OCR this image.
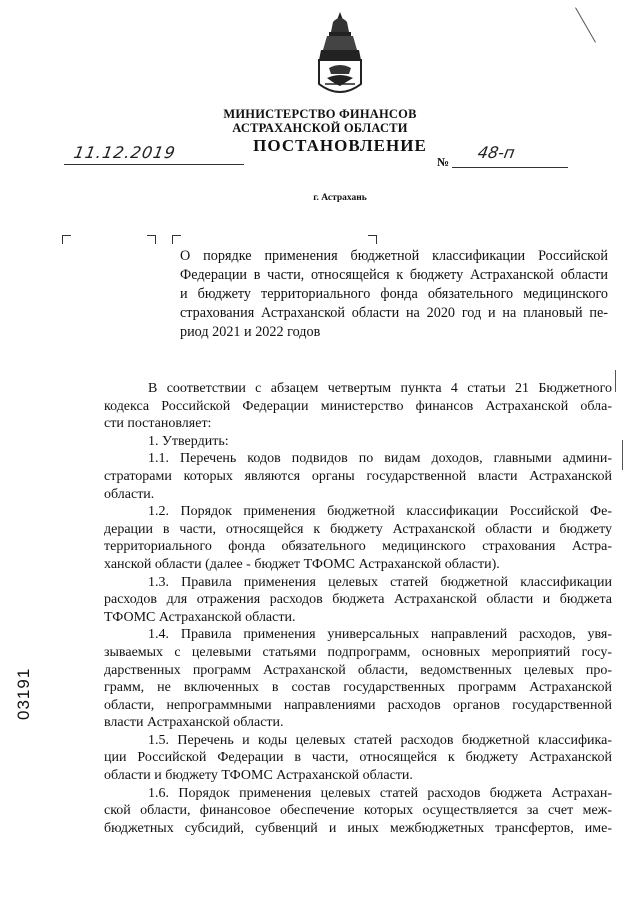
МИНИСТЕРСТВО ФИНАНСОВ
АСТРАХАНСКОЙ ОБЛАСТИ
ПОСТАНОВЛЕНИЕ
11.12.2019	№ 48-п
г. Астрахань
О порядке применения бюджетной классификации Российской
Федерации в части, относящейся к бюджету Астраханской области
и бюджету территориального фонда обязательного медицинского
страхования Астраханской области на 2020 год и на плановый пе-
риод 2021 и 2022 годов
В соответствии с абзацем четвертым пункта 4 статьи 21 Бюджетного
кодекса Российской Федерации министерство финансов Астраханской обла-
сти постановляет:
1. Утвердить:
1.1. Перечень кодов подвидов по видам доходов, главными админи-
страторами которых являются органы государственной власти Астраханской
области.
1.2. Порядок применения бюджетной классификации Российской Фе-
дерации в части, относящейся к бюджету Астраханской области и бюджету
территориального фонда обязательного медицинского страхования Астра-
ханской области (далее - бюджет ТФОМС Астраханской области).
1.3. Правила применения целевых статей бюджетной классификации
расходов для отражения расходов бюджета Астраханской области и бюджета
ТФОМС Астраханской области.
1.4. Правила применения универсальных направлений расходов, увя-
зываемых с целевыми статьями подпрограмм, основных мероприятий госу-
дарственных программ Астраханской области, ведомственных целевых про-
грамм, не включенных в состав государственных программ Астраханской
области, непрограммными направлениями расходов органов государственной
власти Астраханской области.
1.5. Перечень и коды целевых статей расходов бюджетной классифика-
ции Российской Федерации в части, относящейся к бюджету Астраханской
области и бюджету ТФОМС Астраханской области.
1.6. Порядок применения целевых статей расходов бюджета Астрахан-
ской области, финансовое обеспечение которых осуществляется за счет меж-
бюджетных субсидий, субвенций и иных межбюджетных трансфертов, име-
03191
